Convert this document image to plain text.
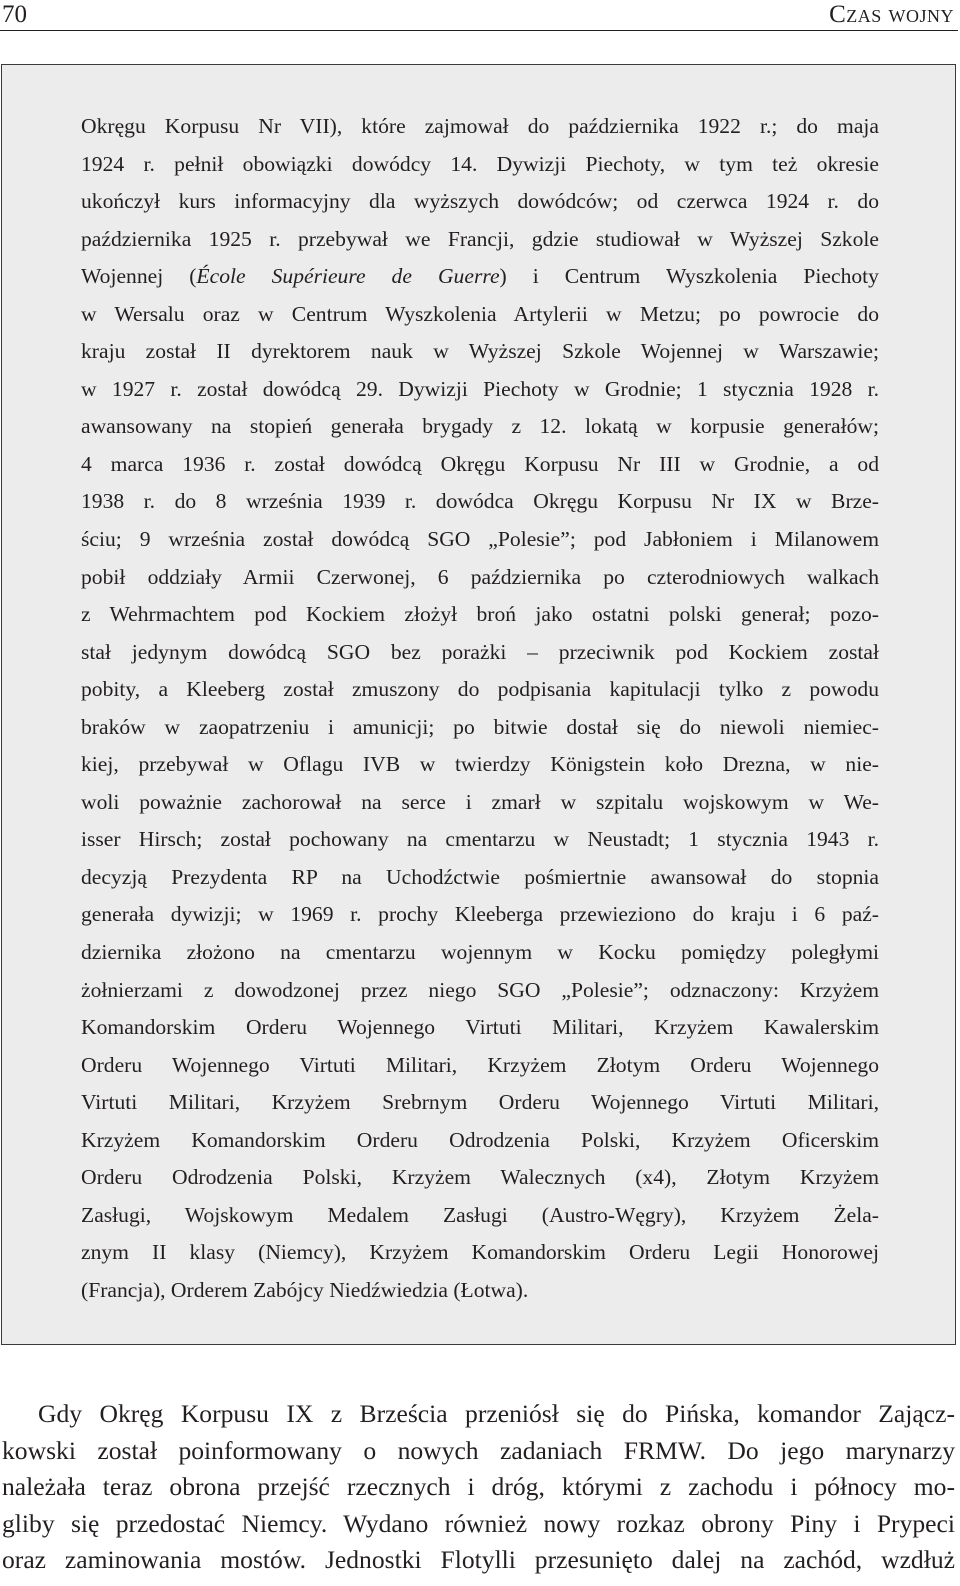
70	Czas wojny
Okręgu Korpusu Nr VII), które zajmował do października 1922 r.; do maja
1924 r. pełnił obowiązki dowódcy 14. Dywizji Piechoty, w tym też okresie
ukończył kurs informacyjny dla wyższych dowódców; od czerwca 1924 r. do
października 1925 r. przebywał we Francji, gdzie studiował w Wyższej Szkole
Wojennej (École Supérieure de Guerre) i Centrum Wyszkolenia Piechoty
w Wersalu oraz w Centrum Wyszkolenia Artylerii w Metzu; po powrocie do
kraju został II dyrektorem nauk w Wyższej Szkole Wojennej w Warszawie;
w 1927 r. został dowódcą 29. Dywizji Piechoty w Grodnie; 1 stycznia 1928 r.
awansowany na stopień generała brygady z 12. lokatą w korpusie generałów;
4 marca 1936 r. został dowódcą Okręgu Korpusu Nr III w Grodnie, a od
1938 r. do 8 września 1939 r. dowódca Okręgu Korpusu Nr IX w Brze-
ściu; 9 września został dowódcą SGO „Polesie”; pod Jabłoniem i Milanowem
pobił oddziały Armii Czerwonej, 6 października po czterodniowych walkach
z Wehrmachtem pod Kockiem złożył broń jako ostatni polski generał; pozo-
stał jedynym dowódcą SGO bez porażki – przeciwnik pod Kockiem został
pobity, a Kleeberg został zmuszony do podpisania kapitulacji tylko z powodu
braków w zaopatrzeniu i amunicji; po bitwie dostał się do niewoli niemiec-
kiej, przebywał w Oflagu IVB w twierdzy Königstein koło Drezna, w nie-
woli poważnie zachorował na serce i zmarł w szpitalu wojskowym w We-
isser Hirsch; został pochowany na cmentarzu w Neustadt; 1 stycznia 1943 r.
decyzją Prezydenta RP na Uchodźctwie pośmiertnie awansował do stopnia
generała dywizji; w 1969 r. prochy Kleeberga przewieziono do kraju i 6 paź-
dziernika złożono na cmentarzu wojennym w Kocku pomiędzy poległymi
żołnierzami z dowodzonej przez niego SGO „Polesie”; odznaczony: Krzyżem
Komandorskim Orderu Wojennego Virtuti Militari, Krzyżem Kawalerskim
Orderu Wojennego Virtuti Militari, Krzyżem Złotym Orderu Wojennego
Virtuti Militari, Krzyżem Srebrnym Orderu Wojennego Virtuti Militari,
Krzyżem Komandorskim Orderu Odrodzenia Polski, Krzyżem Oficerskim
Orderu Odrodzenia Polski, Krzyżem Walecznych (x4), Złotym Krzyżem
Zasługi, Wojskowym Medalem Zasługi (Austro-Węgry), Krzyżem Żela-
znym II klasy (Niemcy), Krzyżem Komandorskim Orderu Legii Honorowej
(Francja), Orderem Zabójcy Niedźwiedzia (Łotwa).
Gdy Okręg Korpusu IX z Brześcia przeniósł się do Pińska, komandor Zającz-
kowski został poinformowany o nowych zadaniach FRMW. Do jego marynarzy
należała teraz obrona przejść rzecznych i dróg, którymi z zachodu i północy mo-
gliby się przedostać Niemcy. Wydano również nowy rozkaz obrony Piny i Prypeci
oraz zaminowania mostów. Jednostki Flotylli przesunięto dalej na zachód, wzdłuż
